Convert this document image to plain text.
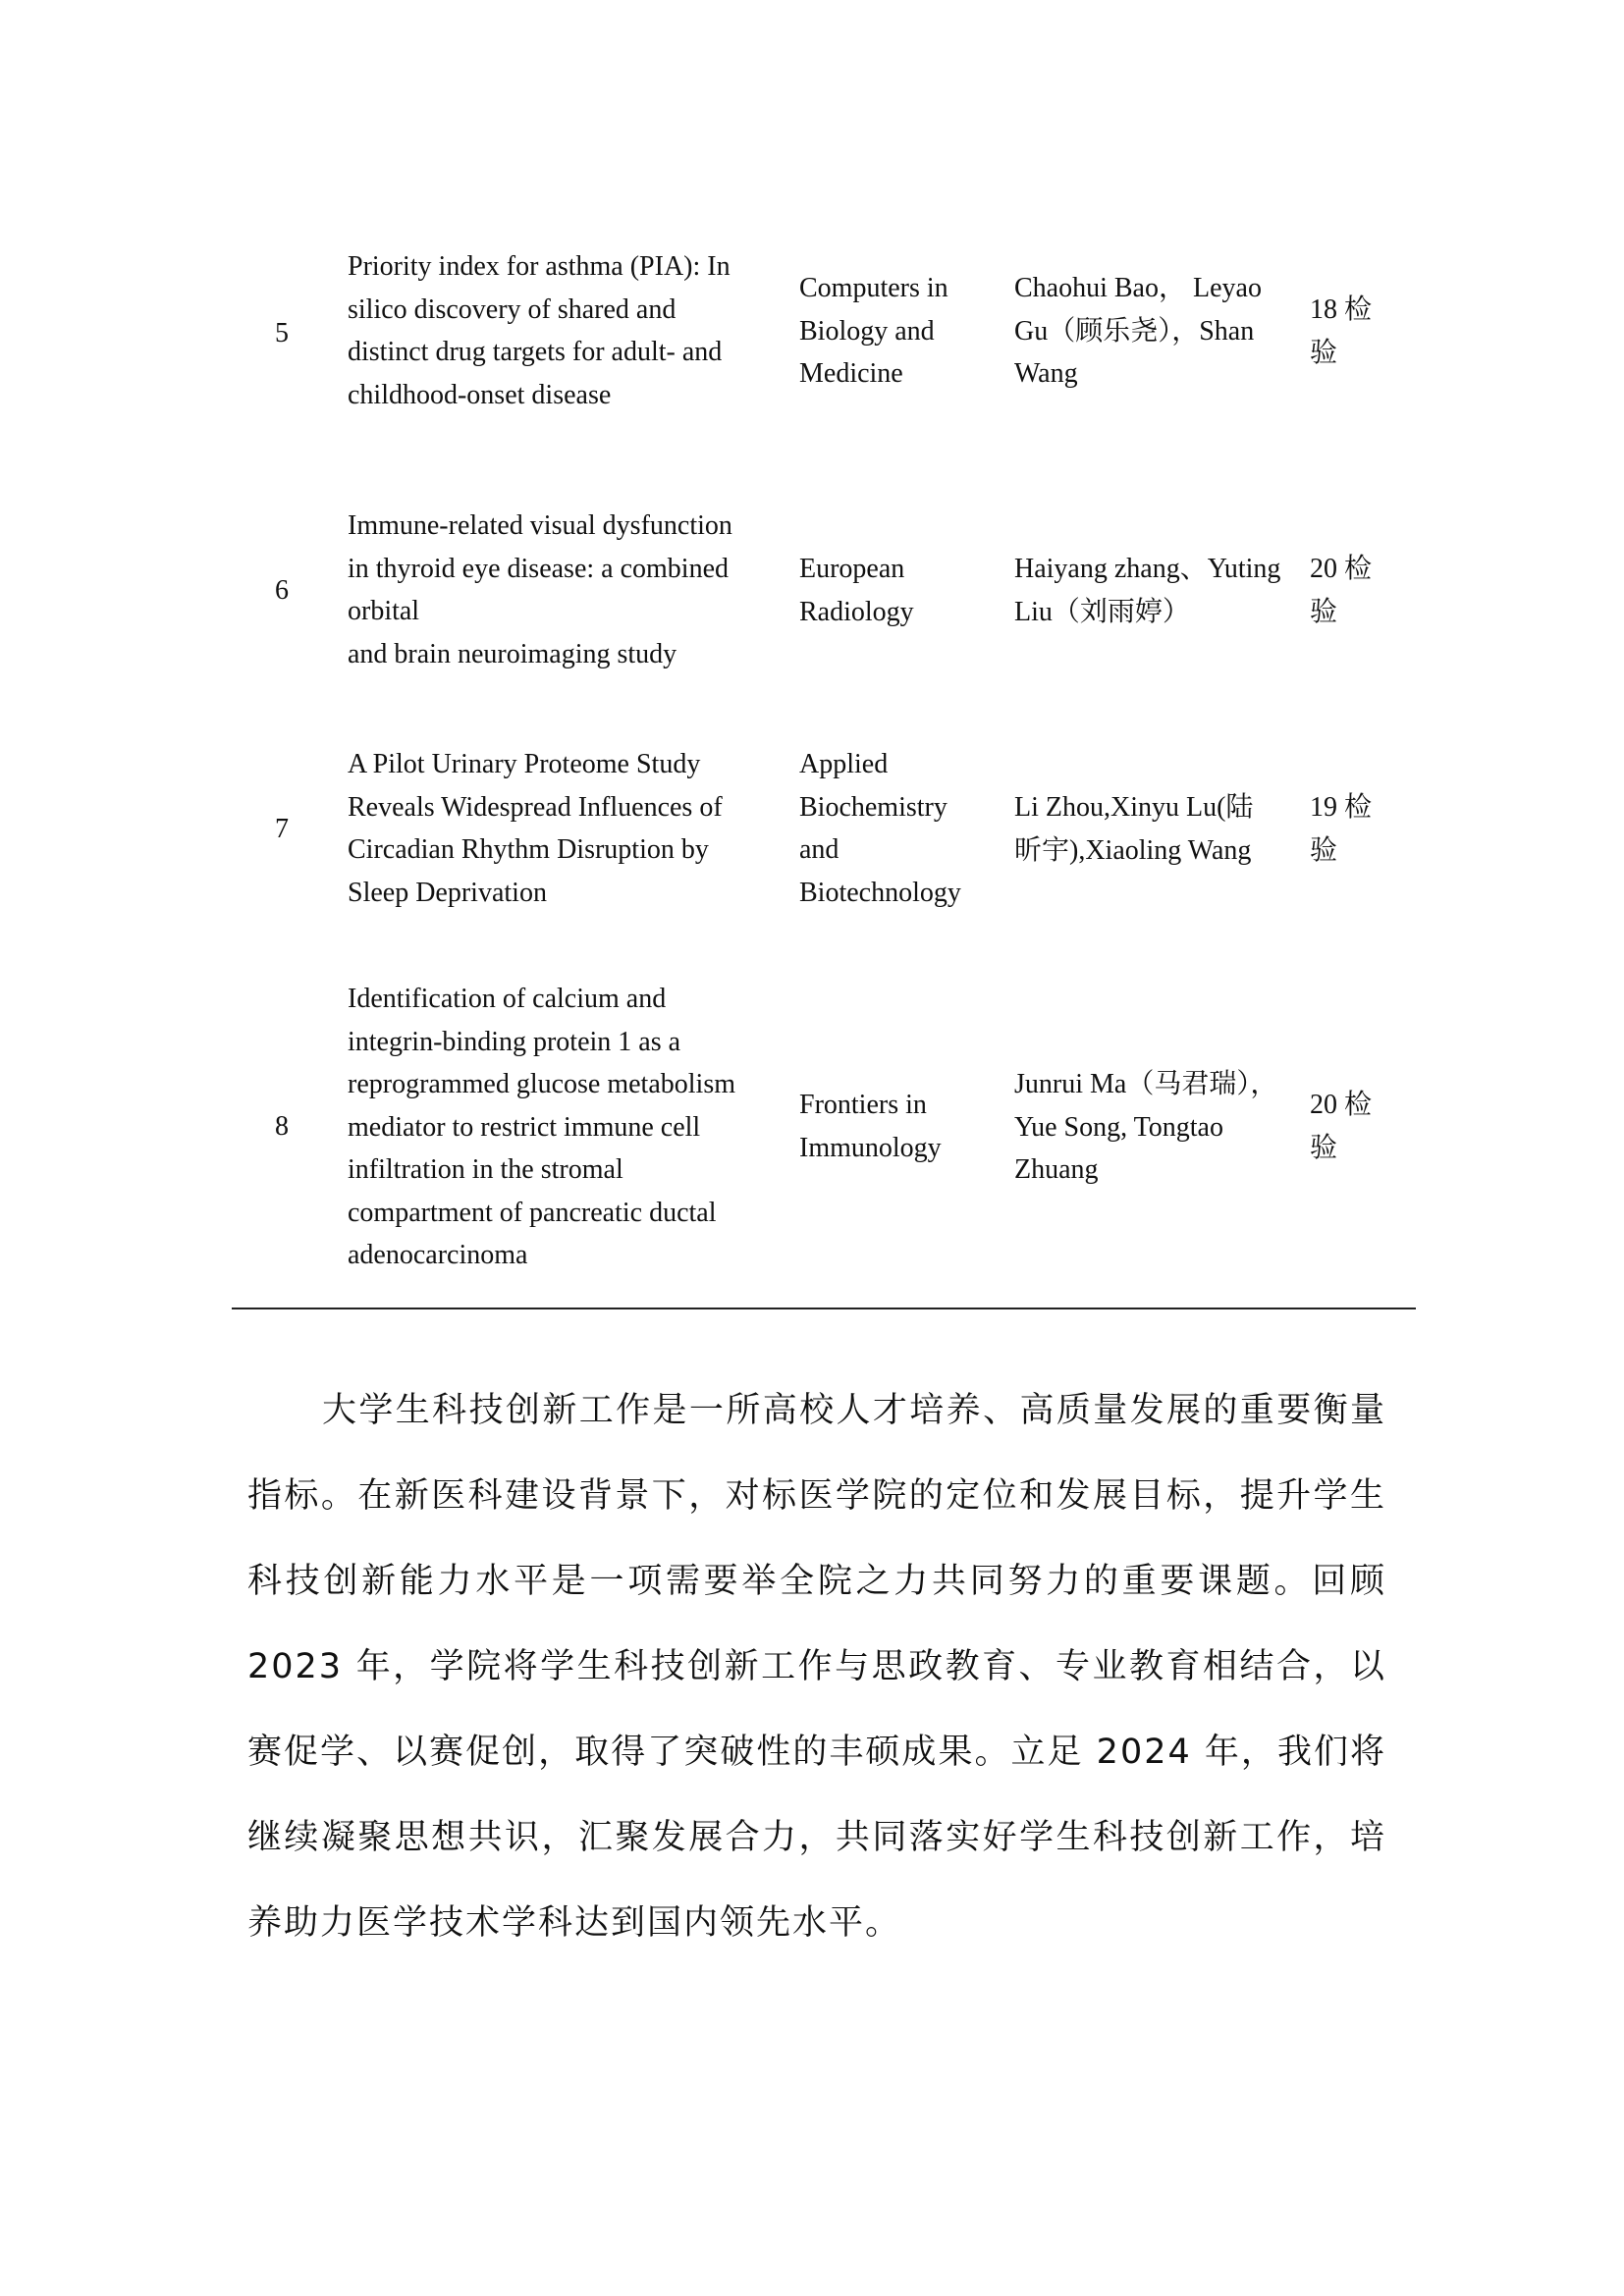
5
Priority index for asthma (PIA): In
silico discovery of shared and
distinct drug targets for adult- and
childhood-onset disease
Computers in
Biology and
Medicine
Chaohui Bao， Leyao
Gu（顾乐尧），Shan
Wang
18 检
验
6
Immune-related visual dysfunction
in thyroid eye disease: a combined
orbital
and brain neuroimaging study
European
Radiology
Haiyang zhang、Yuting
Liu（刘雨婷）
20 检
验
7
A Pilot Urinary Proteome Study
Reveals Widespread Influences of
Circadian Rhythm Disruption by
Sleep Deprivation
Applied
Biochemistry
and
Biotechnology
Li Zhou,Xinyu Lu(陆
昕宇),Xiaoling Wang
19 检
验
8
Identification of calcium and
integrin-binding protein 1 as a
reprogrammed glucose metabolism
mediator to restrict immune cell
infiltration in the stromal
compartment of pancreatic ductal
adenocarcinoma
Frontiers in
Immunology
Junrui Ma（马君瑞），
Yue Song, Tongtao
Zhuang
20 检
验

大学生科技创新工作是一所高校人才培养、高质量发展的重要衡量指标。在新医科建设背景下，对标医学院的定位和发展目标，提升学生科技创新能力水平是一项需要举全院之力共同努力的重要课题。回顾 2023 年，学院将学生科技创新工作与思政教育、专业教育相结合，以赛促学、以赛促创，取得了突破性的丰硕成果。立足 2024 年，我们将继续凝聚思想共识，汇聚发展合力，共同落实好学生科技创新工作，培养助力医学技术学科达到国内领先水平。
